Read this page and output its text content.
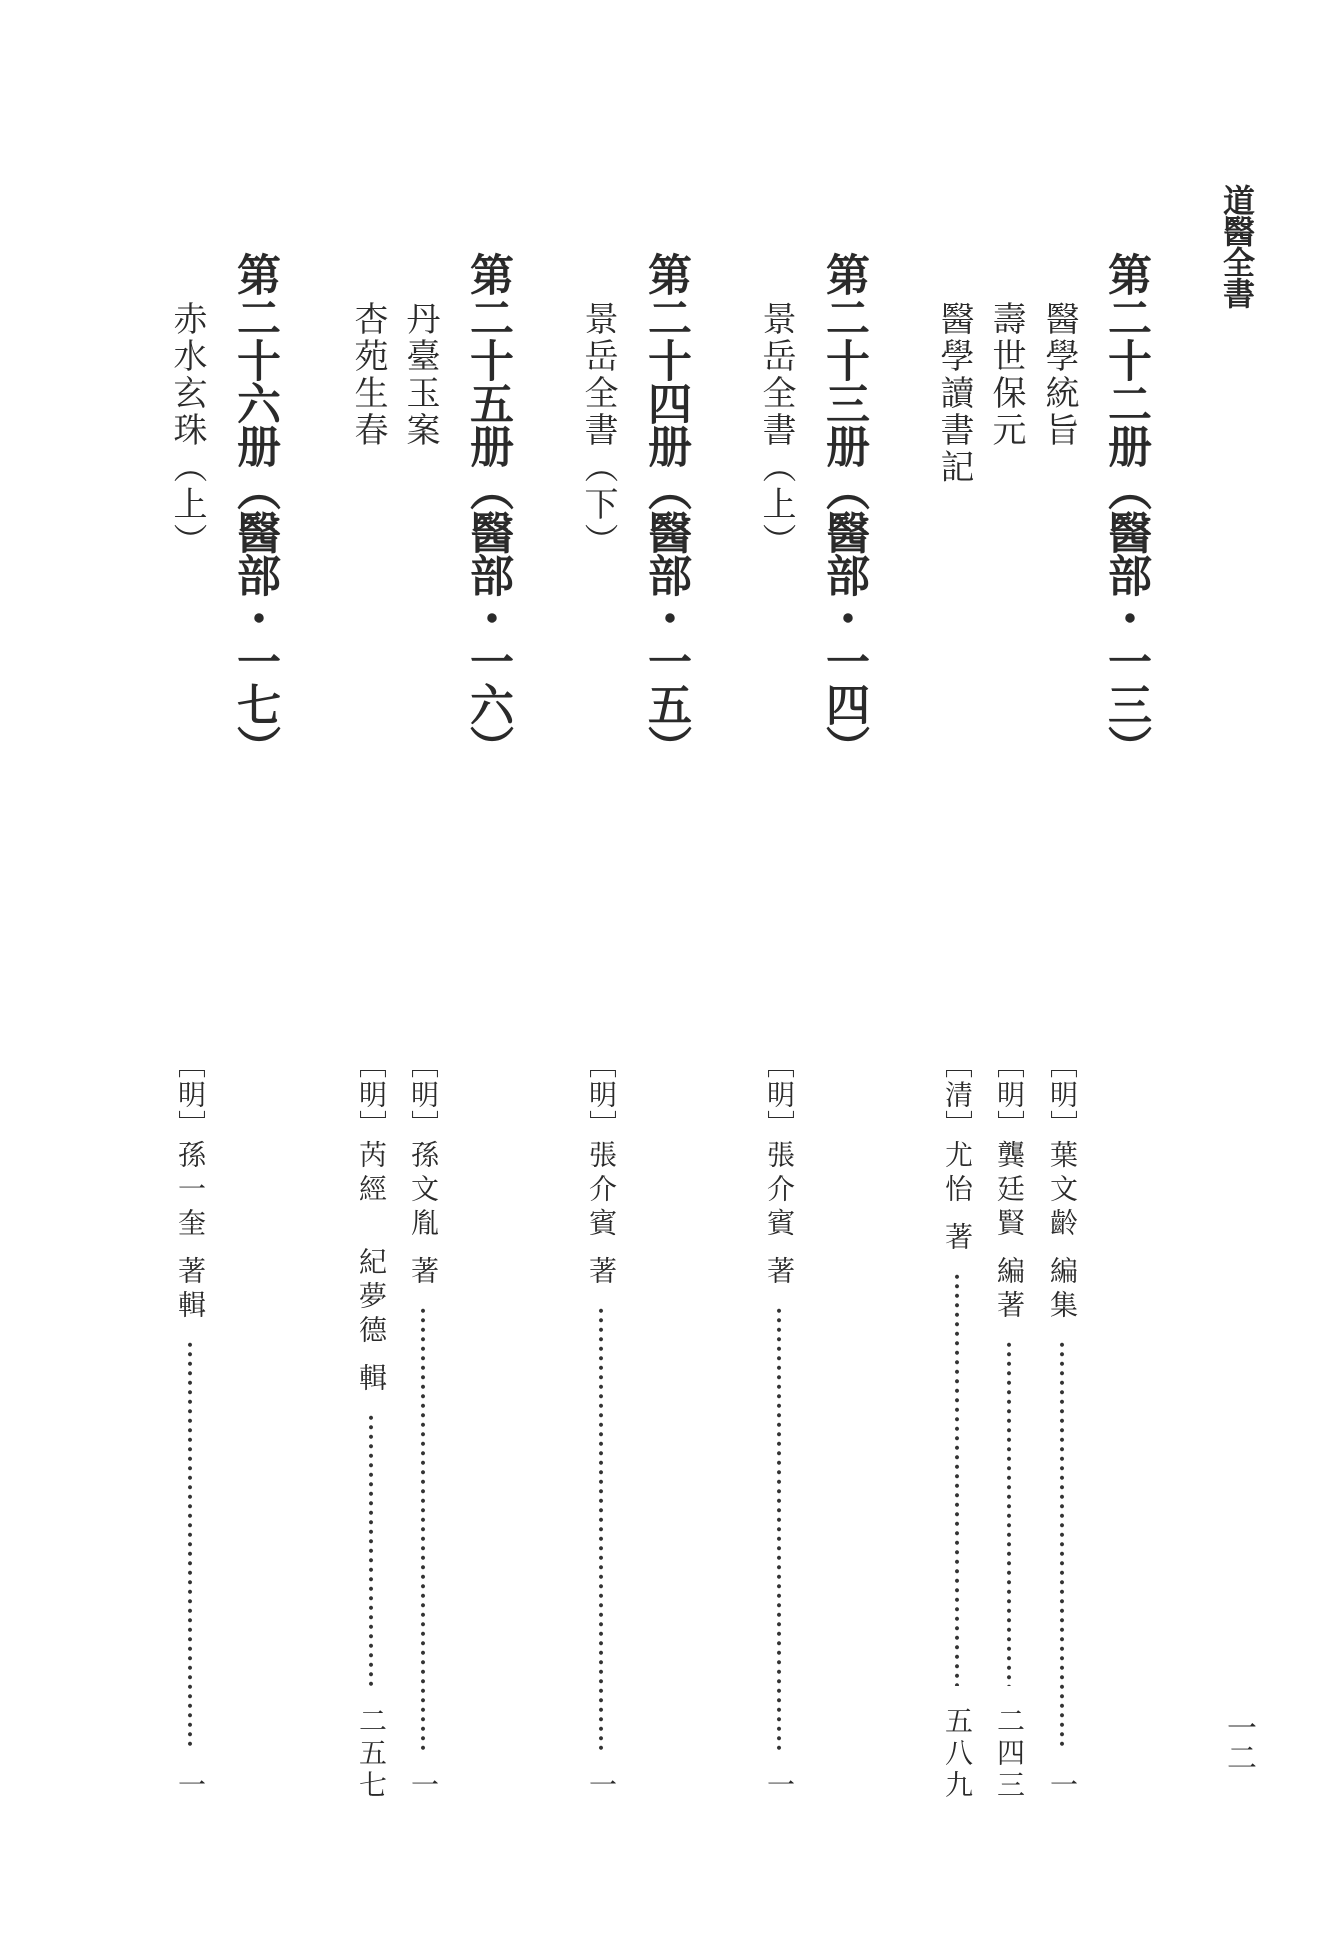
道醫全書
一二
第二十二册（醫部・一三）
醫學統旨
壽世保元
醫學讀書記
［明］
葉文齡
編集
一
［明］
龔廷賢
編著
二四三
［清］
尤怡
著
五八九
第二十三册（醫部・一四）
景岳全書（上）
［明］
張介賓
著
一
第二十四册（醫部・一五）
景岳全書（下）
［明］
張介賓
著
一
第二十五册（醫部・一六）
丹臺玉案
杏苑生春
［明］
孫文胤
著
一
［明］
芮經 紀夢德
輯
二五七
第二十六册（醫部・一七）
赤水玄珠（上）
［明］
孫一奎
著輯
一
